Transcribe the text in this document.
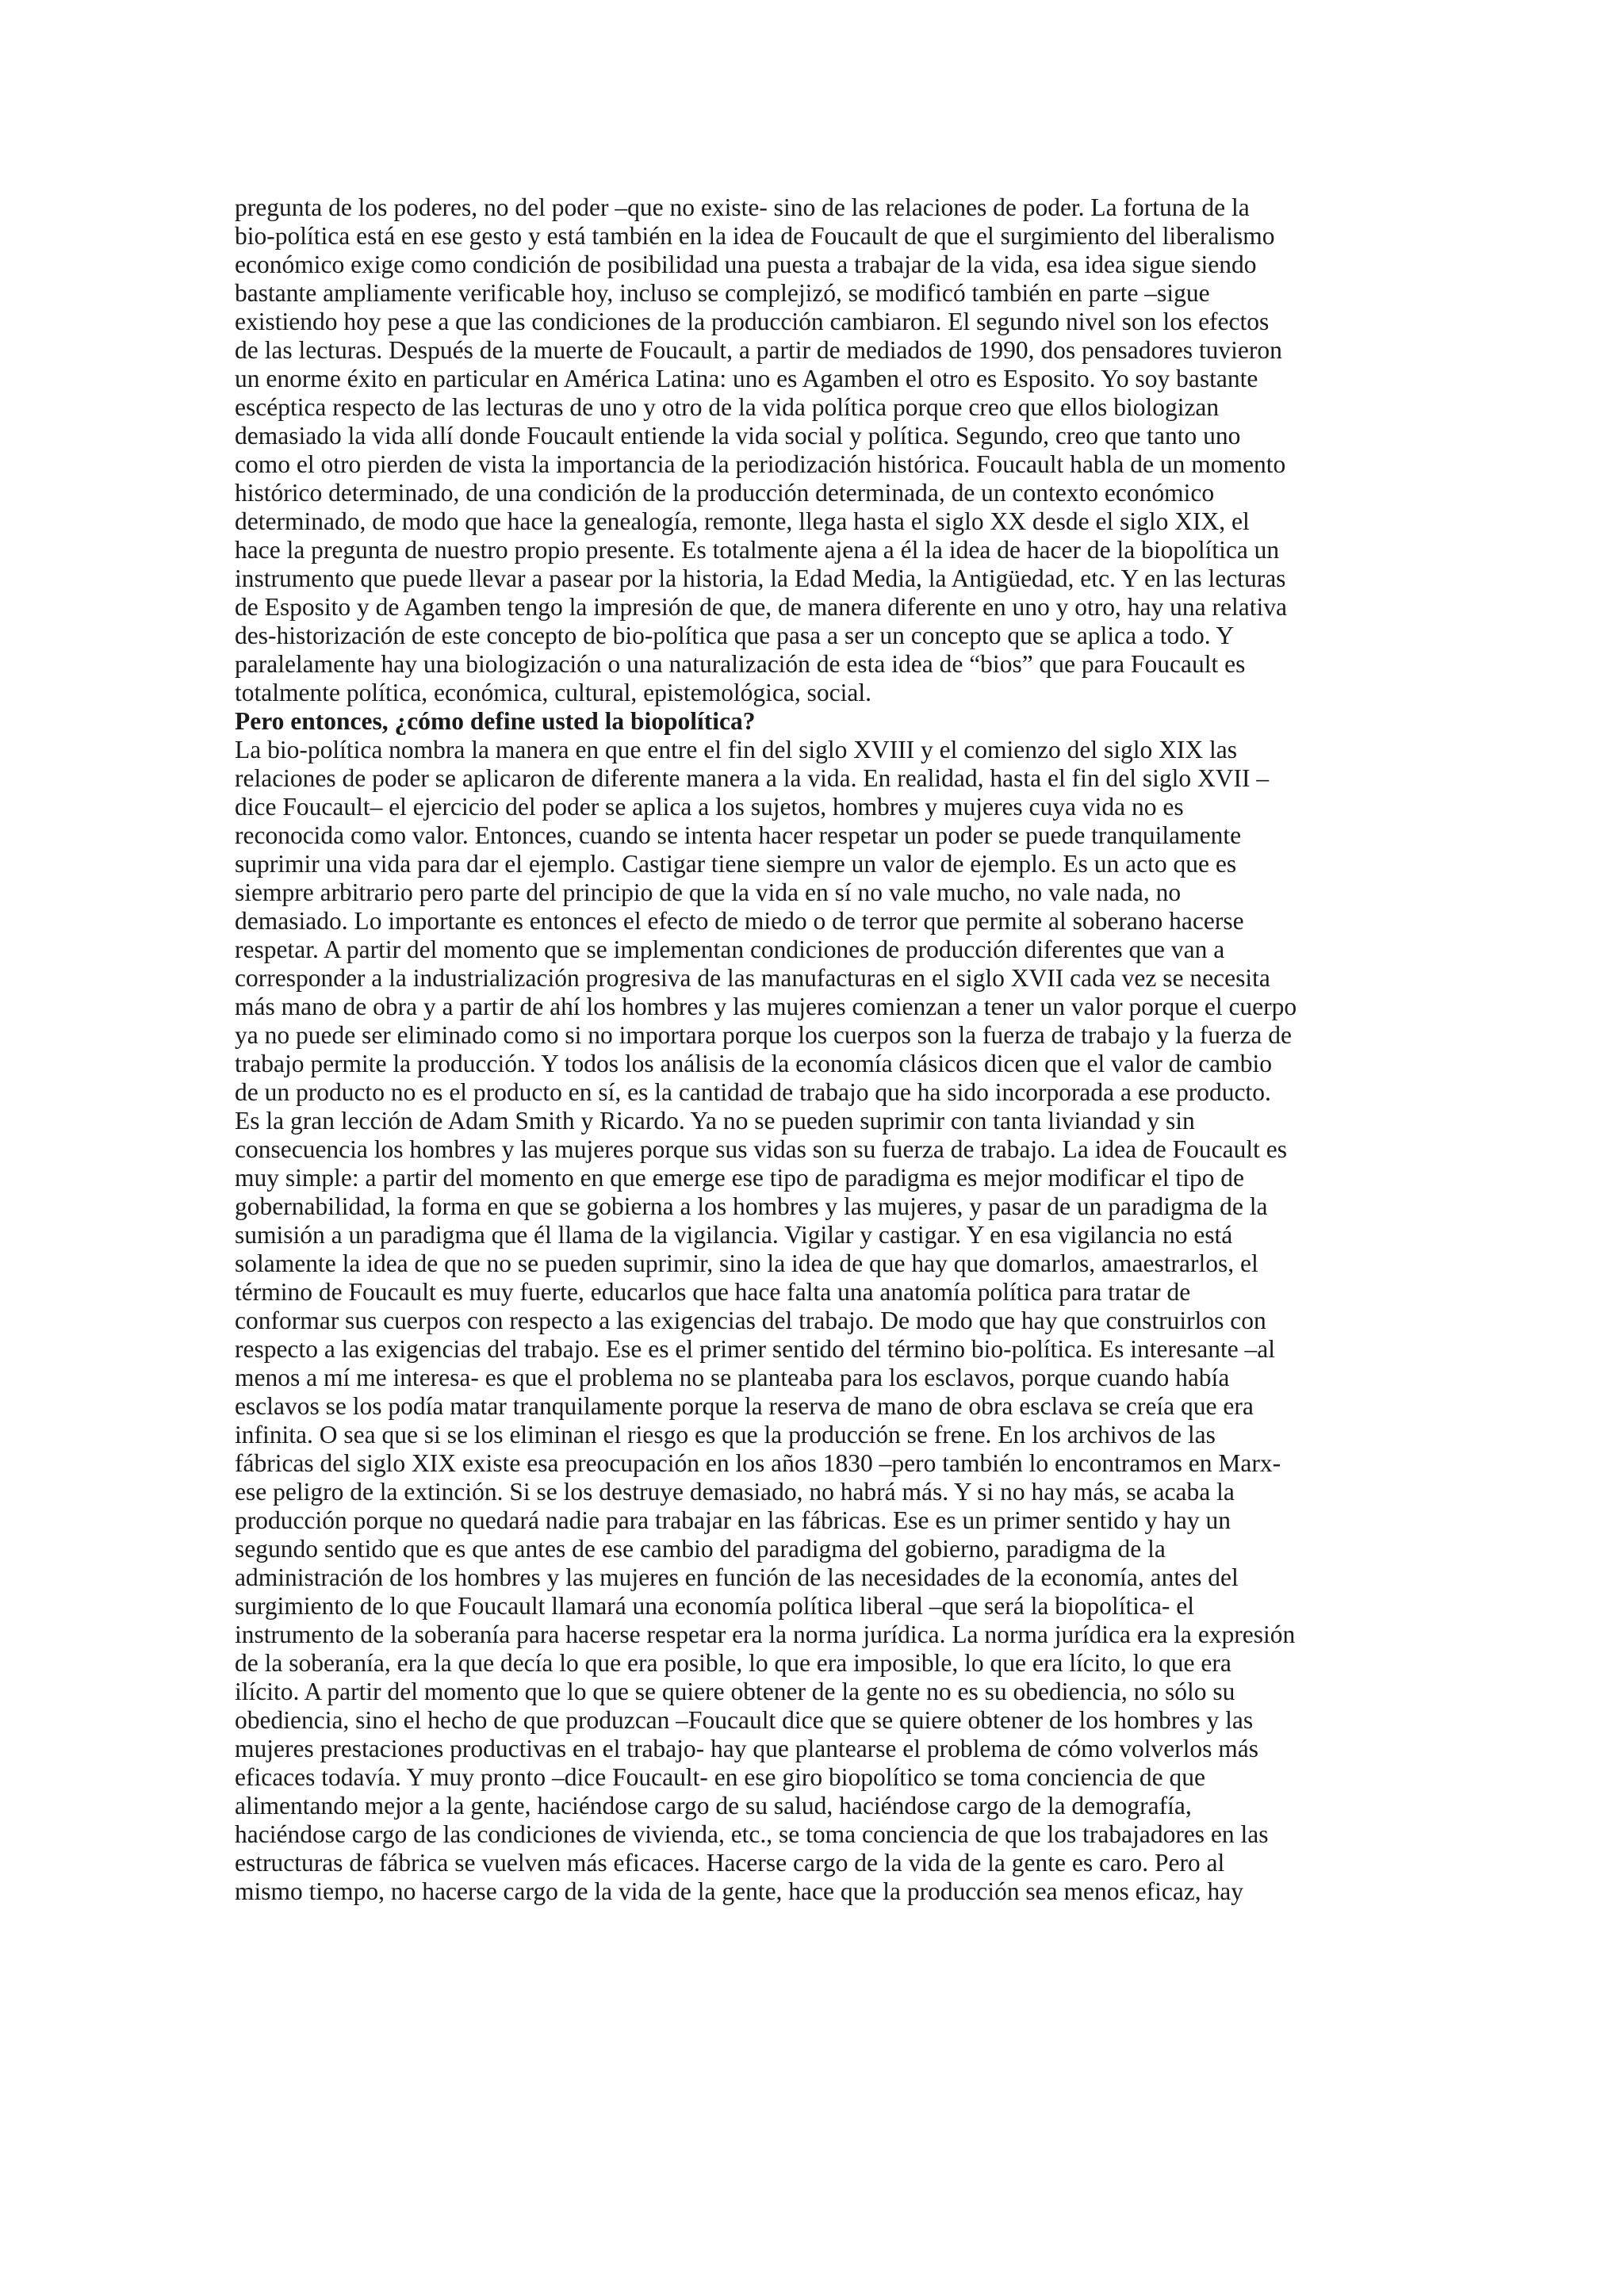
pregunta de los poderes, no del poder –que no existe- sino de las relaciones de poder. La fortuna de la
bio-política está en ese gesto y está también en la idea de Foucault de que el surgimiento del liberalismo
económico exige como condición de posibilidad una puesta a trabajar de la vida, esa idea sigue siendo
bastante ampliamente verificable hoy, incluso se complejizó, se modificó también en parte –sigue
existiendo hoy pese a que las condiciones de la producción cambiaron. El segundo nivel son los efectos
de las lecturas. Después de la muerte de Foucault, a partir de mediados de 1990, dos pensadores tuvieron
un enorme éxito en particular en América Latina: uno es Agamben el otro es Esposito. Yo soy bastante
escéptica respecto de las lecturas de uno y otro de la vida política porque creo que ellos biologizan
demasiado la vida allí donde Foucault entiende la vida social y política. Segundo, creo que tanto uno
como el otro pierden de vista la importancia de la periodización histórica. Foucault habla de un momento
histórico determinado, de una condición de la producción determinada, de un contexto económico
determinado, de modo que hace la genealogía, remonte, llega hasta el siglo XX desde el siglo XIX, el
hace la pregunta de nuestro propio presente. Es totalmente ajena a él la idea de hacer de la biopolítica un
instrumento que puede llevar a pasear por la historia, la Edad Media, la Antigüedad, etc. Y en las lecturas
de Esposito y de Agamben tengo la impresión de que, de manera diferente en uno y otro, hay una relativa
des-historización de este concepto de bio-política que pasa a ser un concepto que se aplica a todo. Y
paralelamente hay una biologización o una naturalización de esta idea de “bios” que para Foucault es
totalmente política, económica, cultural, epistemológica, social.
Pero entonces, ¿cómo define usted la biopolítica?
La bio-política nombra la manera en que entre el fin del siglo XVIII y el comienzo del siglo XIX las
relaciones de poder se aplicaron de diferente manera a la vida. En realidad, hasta el fin del siglo XVII –
dice Foucault– el ejercicio del poder se aplica a los sujetos, hombres y mujeres cuya vida no es
reconocida como valor. Entonces, cuando se intenta hacer respetar un poder se puede tranquilamente
suprimir una vida para dar el ejemplo. Castigar tiene siempre un valor de ejemplo. Es un acto que es
siempre arbitrario pero parte del principio de que la vida en sí no vale mucho, no vale nada, no
demasiado. Lo importante es entonces el efecto de miedo o de terror que permite al soberano hacerse
respetar. A partir del momento que se implementan condiciones de producción diferentes que van a
corresponder a la industrialización progresiva de las manufacturas en el siglo XVII cada vez se necesita
más mano de obra y a partir de ahí los hombres y las mujeres comienzan a tener un valor porque el cuerpo
ya no puede ser eliminado como si no importara porque los cuerpos son la fuerza de trabajo y la fuerza de
trabajo permite la producción. Y todos los análisis de la economía clásicos dicen que el valor de cambio
de un producto no es el producto en sí, es la cantidad de trabajo que ha sido incorporada a ese producto.
Es la gran lección de Adam Smith y Ricardo. Ya no se pueden suprimir con tanta liviandad y sin
consecuencia los hombres y las mujeres porque sus vidas son su fuerza de trabajo. La idea de Foucault es
muy simple: a partir del momento en que emerge ese tipo de paradigma es mejor modificar el tipo de
gobernabilidad, la forma en que se gobierna a los hombres y las mujeres, y pasar de un paradigma de la
sumisión a un paradigma que él llama de la vigilancia. Vigilar y castigar. Y en esa vigilancia no está
solamente la idea de que no se pueden suprimir, sino la idea de que hay que domarlos, amaestrarlos, el
término de Foucault es muy fuerte, educarlos que hace falta una anatomía política para tratar de
conformar sus cuerpos con respecto a las exigencias del trabajo. De modo que hay que construirlos con
respecto a las exigencias del trabajo. Ese es el primer sentido del término bio-política. Es interesante –al
menos a mí me interesa- es que el problema no se planteaba para los esclavos, porque cuando había
esclavos se los podía matar tranquilamente porque la reserva de mano de obra esclava se creía que era
infinita. O sea que si se los eliminan el riesgo es que la producción se frene. En los archivos de las
fábricas del siglo XIX existe esa preocupación en los años 1830 –pero también lo encontramos en Marx-
ese peligro de la extinción. Si se los destruye demasiado, no habrá más. Y si no hay más, se acaba la
producción porque no quedará nadie para trabajar en las fábricas. Ese es un primer sentido y hay un
segundo sentido que es que antes de ese cambio del paradigma del gobierno, paradigma de la
administración de los hombres y las mujeres en función de las necesidades de la economía, antes del
surgimiento de lo que Foucault llamará una economía política liberal –que será la biopolítica- el
instrumento de la soberanía para hacerse respetar era la norma jurídica. La norma jurídica era la expresión
de la soberanía, era la que decía lo que era posible, lo que era imposible, lo que era lícito, lo que era
ilícito. A partir del momento que lo que se quiere obtener de la gente no es su obediencia, no sólo su
obediencia, sino el hecho de que produzcan –Foucault dice que se quiere obtener de los hombres y las
mujeres prestaciones productivas en el trabajo- hay que plantearse el problema de cómo volverlos más
eficaces todavía. Y muy pronto –dice Foucault- en ese giro biopolítico se toma conciencia de que
alimentando mejor a la gente, haciéndose cargo de su salud, haciéndose cargo de la demografía,
haciéndose cargo de las condiciones de vivienda, etc., se toma conciencia de que los trabajadores en las
estructuras de fábrica se vuelven más eficaces. Hacerse cargo de la vida de la gente es caro. Pero al
mismo tiempo, no hacerse cargo de la vida de la gente, hace que la producción sea menos eficaz, hay
